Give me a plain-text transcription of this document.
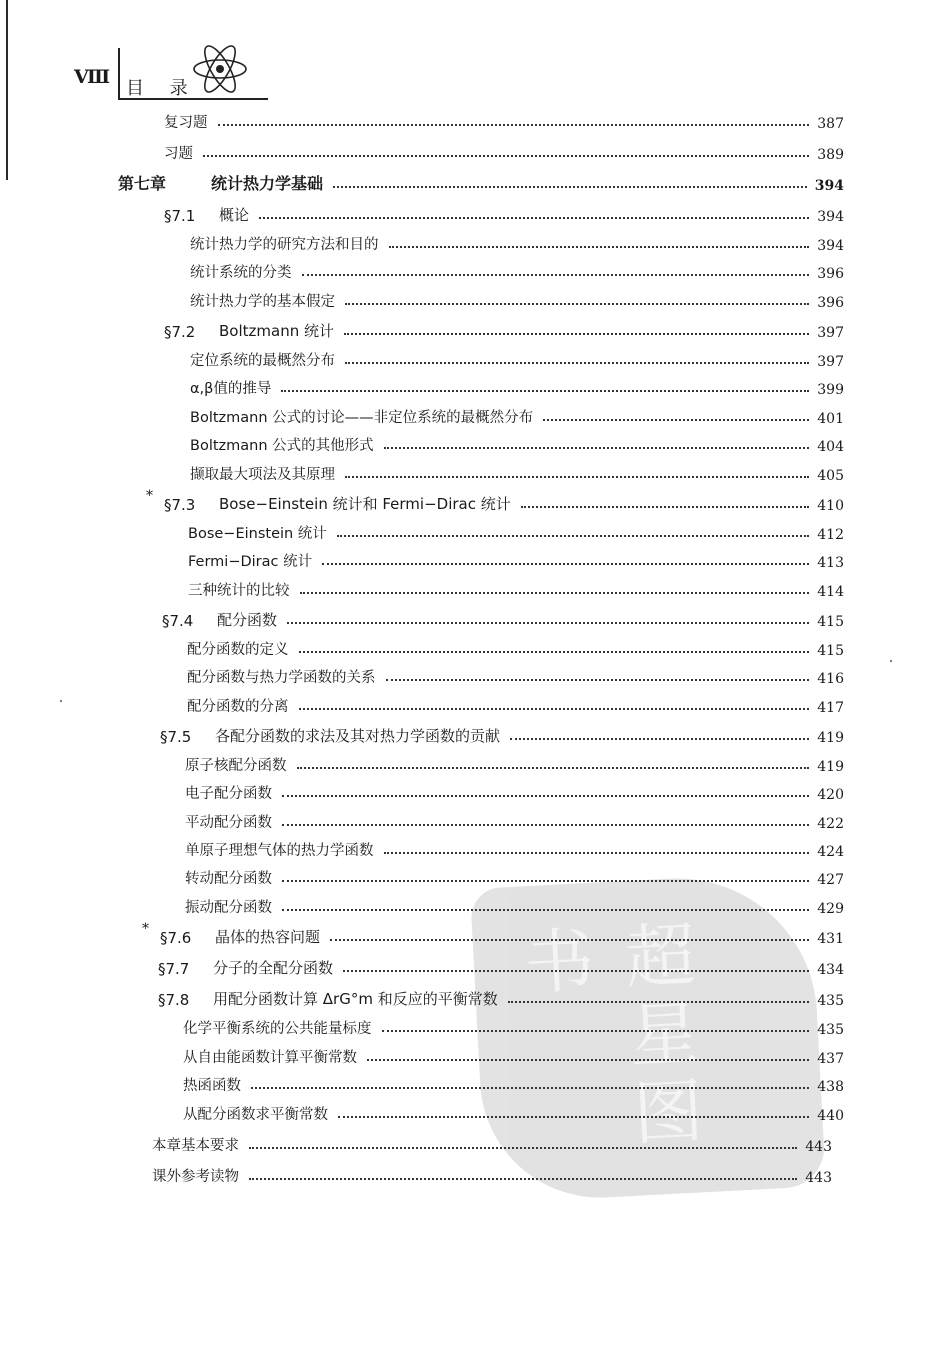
Ⅷ
目 录
超星图书
复习题	387
习题	389
第七章	统计热力学基础	394
§7.1	概论	394
统计热力学的研究方法和目的	394
统计系统的分类	396
统计热力学的基本假定	396
§7.2	Boltzmann 统计	397
定位系统的最概然分布	397
α,β值的推导	399
Boltzmann 公式的讨论——非定位系统的最概然分布	401
Boltzmann 公式的其他形式	404
撷取最大项法及其原理	405
* §7.3	Bose−Einstein 统计和 Fermi−Dirac 统计	410
Bose−Einstein 统计	412
Fermi−Dirac 统计	413
三种统计的比较	414
§7.4	配分函数	415
配分函数的定义	415
配分函数与热力学函数的关系	416
配分函数的分离	417
§7.5	各配分函数的求法及其对热力学函数的贡献	419
原子核配分函数	419
电子配分函数	420
平动配分函数	422
单原子理想气体的热力学函数	424
转动配分函数	427
振动配分函数	429
* §7.6	晶体的热容问题	431
§7.7	分子的全配分函数	434
§7.8	用配分函数计算 ΔrG°m 和反应的平衡常数	435
化学平衡系统的公共能量标度	435
从自由能函数计算平衡常数	437
热函函数	438
从配分函数求平衡常数	440
本章基本要求	443
课外参考读物	443
